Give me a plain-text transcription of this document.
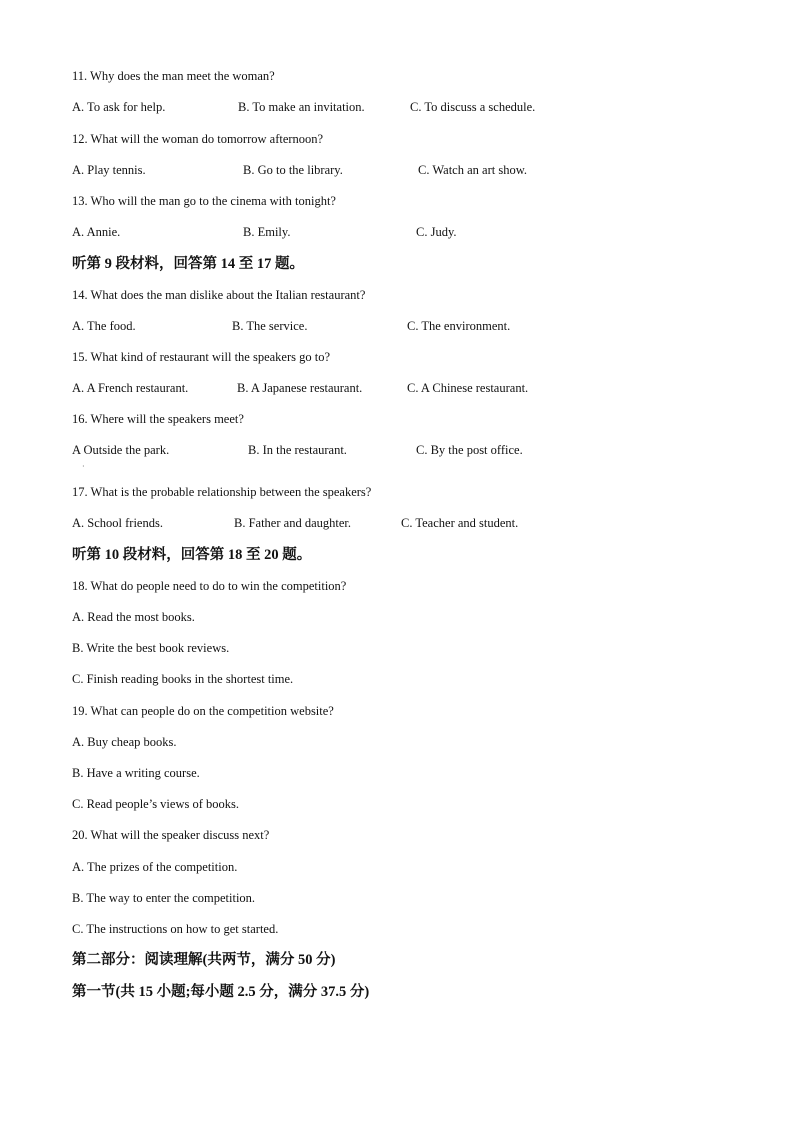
11. Why does the man meet the woman?
A. To ask for help.	B. To make an invitation.	C. To discuss a schedule.
12. What will the woman do tomorrow afternoon?
A. Play tennis.	B. Go to the library.	C. Watch an art show.
13. Who will the man go to the cinema with tonight?
A. Annie.	B. Emily.	C. Judy.
听第 9 段材料，回答第 14 至 17 题。
14. What does the man dislike about the Italian restaurant?
A. The food.	B. The service.	C. The environment.
15. What kind of restaurant will the speakers go to?
A. A French restaurant.	B. A Japanese restaurant.	C. A Chinese restaurant.
16. Where will the speakers meet?
A Outside the park.	B. In the restaurant.	C. By the post office.
·
17. What is the probable relationship between the speakers?
A. School friends.	B. Father and daughter.	C. Teacher and student.
听第 10 段材料，回答第 18 至 20 题。
18. What do people need to do to win the competition?
A. Read the most books.
B. Write the best book reviews.
C. Finish reading books in the shortest time.
19. What can people do on the competition website?
A. Buy cheap books.
B. Have a writing course.
C. Read people’s views of books.
20. What will the speaker discuss next?
A. The prizes of the competition.
B. The way to enter the competition.
C. The instructions on how to get started.
第二部分：阅读理解(共两节，满分 50 分)
第一节(共 15 小题;每小题 2.5 分，满分 37.5 分)
